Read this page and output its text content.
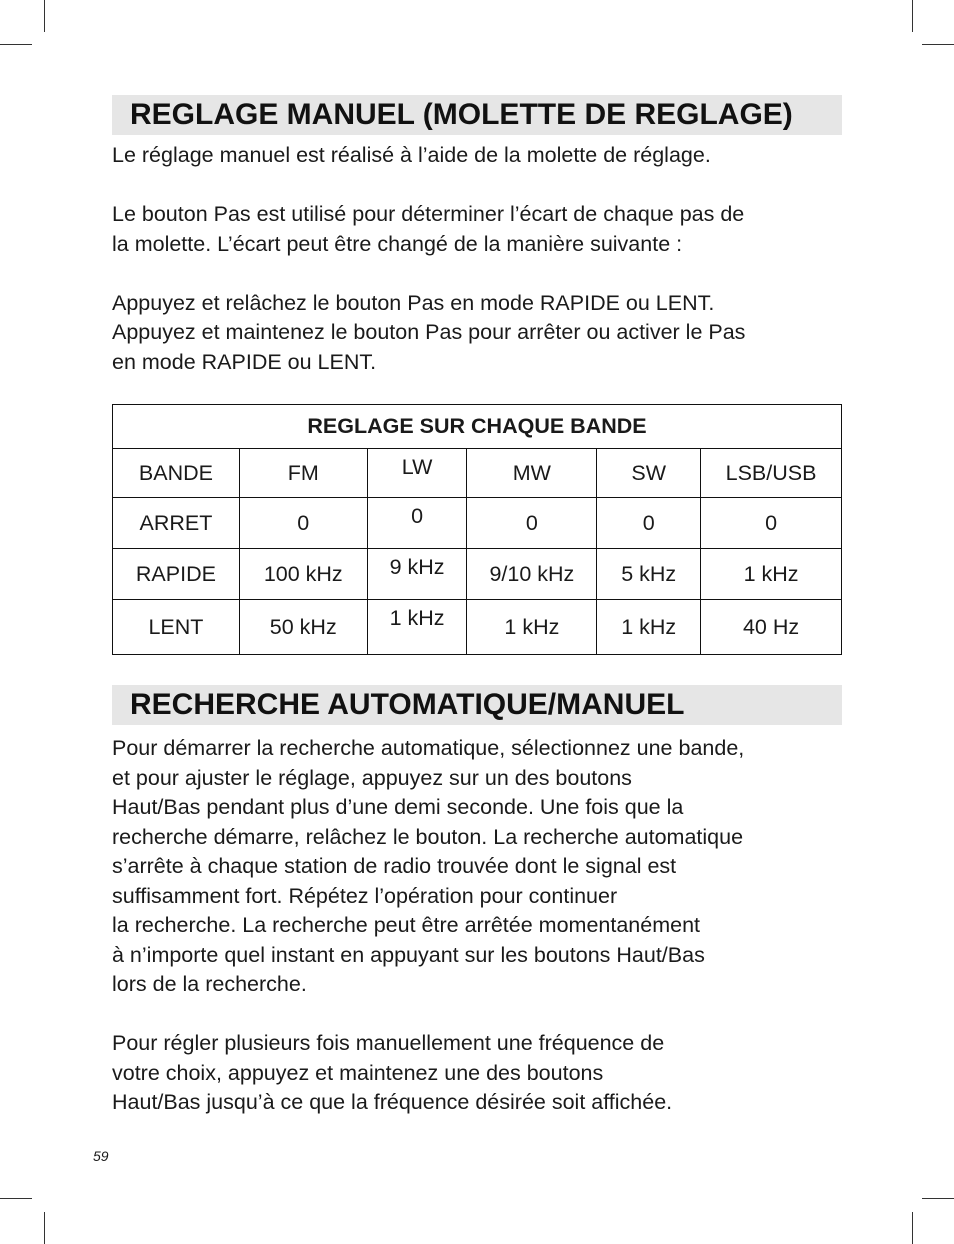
REGLAGE MANUEL (MOLETTE DE REGLAGE)

Le réglage manuel est réalisé à l’aide de la molette de réglage.

Le bouton Pas est utilisé pour déterminer l’écart de chaque pas de
la molette. L’écart peut être changé de la manière suivante :

Appuyez et relâchez le bouton Pas en mode RAPIDE ou LENT.
Appuyez et maintenez le bouton Pas pour arrêter ou activer le Pas
en mode RAPIDE ou LENT.

REGLAGE SUR CHAQUE BANDE					
BANDE	FM	LW	MW	SW	LSB/USB
ARRET	0	0	0	0	0
RAPIDE	100 kHz	9 kHz	9/10 kHz	5 kHz	1 kHz
LENT	50 kHz	1 kHz	1 kHz	1 kHz	40 Hz
RECHERCHE AUTOMATIQUE/MANUEL

Pour démarrer la recherche automatique, sélectionnez une bande,
et pour ajuster le réglage, appuyez sur un des boutons
Haut/Bas pendant plus d’une demi seconde. Une fois que la
recherche démarre, relâchez le bouton. La recherche automatique
s’arrête à chaque station de radio trouvée dont le signal est
suffisamment fort. Répétez l’opération pour continuer
la recherche. La recherche peut être arrêtée momentanément
à n’importe quel instant en appuyant sur les boutons Haut/Bas
lors de la recherche.

Pour régler plusieurs fois manuellement une fréquence de
votre choix, appuyez et maintenez une des boutons
Haut/Bas jusqu’à ce que la fréquence désirée soit affichée.

59
